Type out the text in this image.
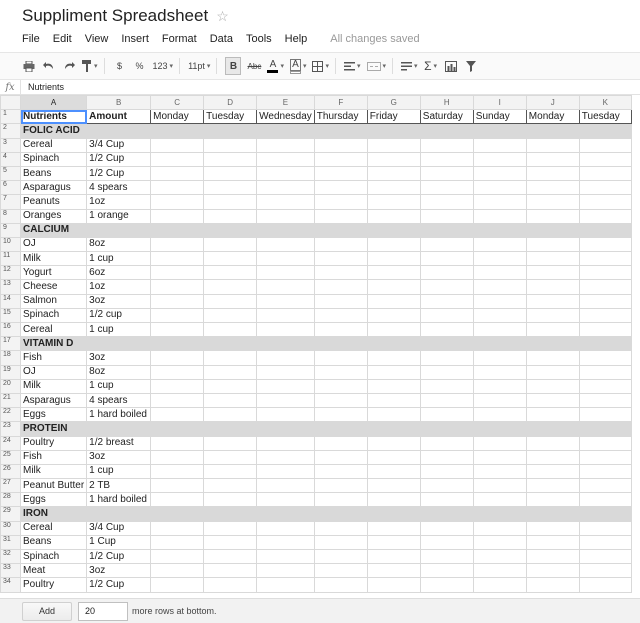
Suppliment Spreadsheet ☆
File Edit View Insert Format Data Tools Help All changes saved
▾	$	%	123 ▾ 11pt ▾	B	Abc A ▾ A ▾	▾	▾	▾	▾ Σ ▾
fx	Nutrients
	A	B	C	D	E	F	G	H	I	J	K
1	Nutrients	Amount	Monday	Tuesday	Wednesday	Thursday	Friday	Saturday	Sunday	Monday	Tuesday
2	FOLIC ACID										
3	Cereal	3/4 Cup									
4	Spinach	1/2 Cup									
5	Beans	1/2 Cup									
6	Asparagus	4 spears									
7	Peanuts	1oz									
8	Oranges	1 orange									
9	CALCIUM										
10	OJ	8oz									
11	Milk	1 cup									
12	Yogurt	6oz									
13	Cheese	1oz									
14	Salmon	3oz									
15	Spinach	1/2 cup									
16	Cereal	1 cup									
17	VITAMIN D										
18	Fish	3oz									
19	OJ	8oz									
20	Milk	1 cup									
21	Asparagus	4 spears									
22	Eggs	1 hard boiled									
23	PROTEIN										
24	Poultry	1/2 breast									
25	Fish	3oz									
26	Milk	1 cup									
27	Peanut Butter	2 TB									
28	Eggs	1 hard boiled									
29	IRON										
30	Cereal	3/4 Cup									
31	Beans	1 Cup									
32	Spinach	1/2 Cup									
33	Meat	3oz									
34	Poultry	1/2 Cup									
Add
20	more rows at bottom.
